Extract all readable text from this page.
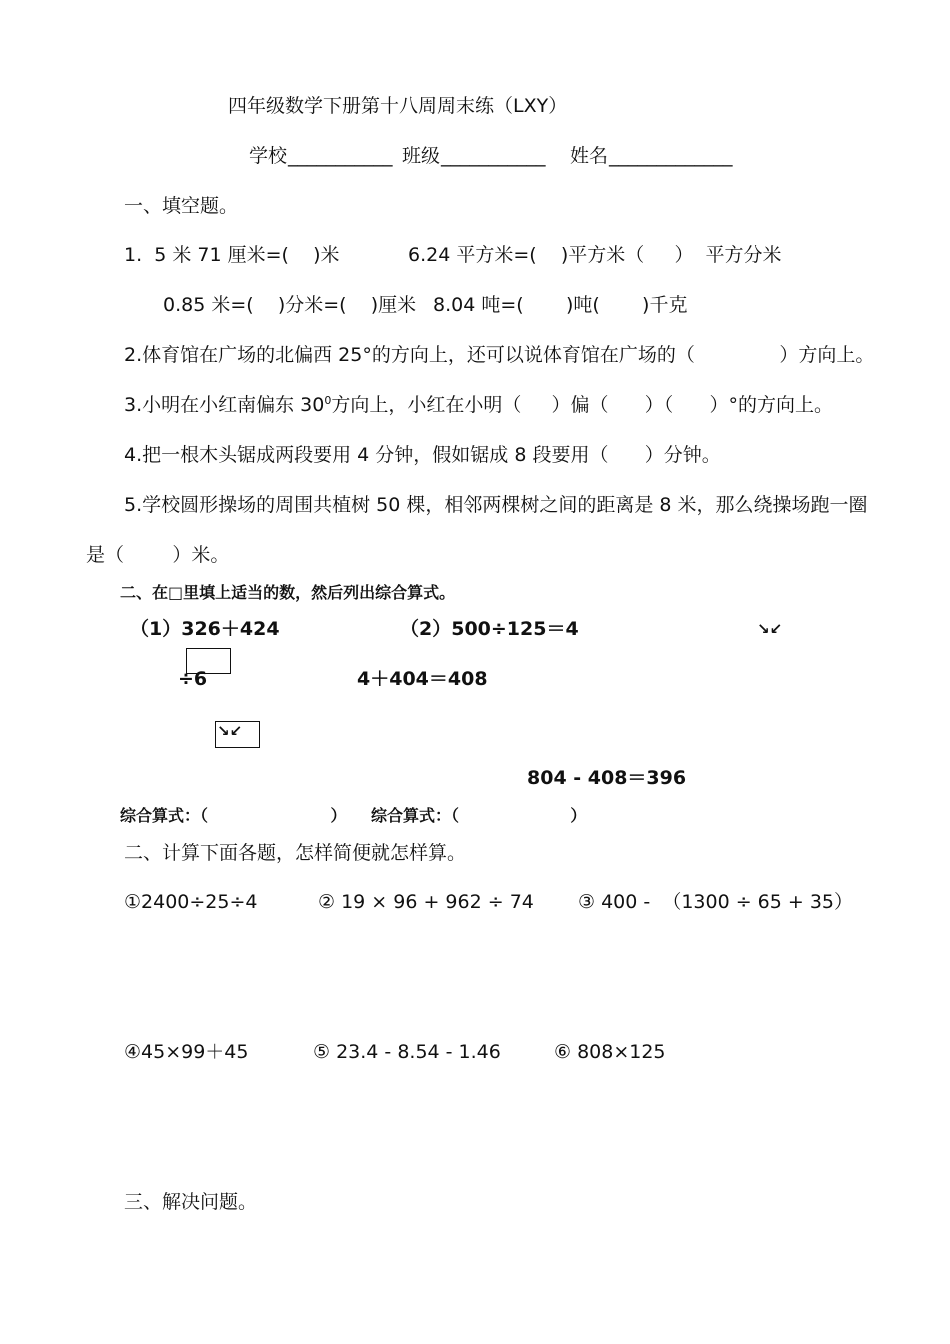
四年级数学下册第十八周周末练（LXY）
学校 ___________ 班级 ___________ 姓名 _____________
一、填空题。
1.  5 米 71 厘米=(    )米	6.24 平方米=(    )平方米（     ）  平方分米
0.85 米=(    )分米=(    )厘米 8.04 吨=(       )吨(       )千克
2.体育馆在广场的北偏西 25°的方向上，还可以说体育馆在广场的（              ）方向上。
3.小明在小红南偏东 $30^0$方向上，小红在小明（     ）偏（      ）（      ）°的方向上。
4.把一根木头锯成两段要用 4 分钟，假如锯成 8 段要用（      ）分钟。
5.学校圆形操场的周围共植树 50 棵，相邻两棵树之间的距离是 8 米，那么绕操场跑一圈
是（        ）米。
二、在□里填上适当的数，然后列出综合算式。
（1）326＋424	（2）500÷125＝4	↘↙
÷6	4＋404＝408
↘↙
804 - 408＝396
综合算式：（                      ） 综合算式：（                    ）
二、计算下面各题，怎样简便就怎样算。
①2400÷25÷4	② 19 × 96 + 962 ÷ 74 ③ 400 -  （1300 ÷ 65 + 35）
④45×99＋45	⑤ 23.4 - 8.54 - 1.46	⑥ 808×125
三、解决问题。
